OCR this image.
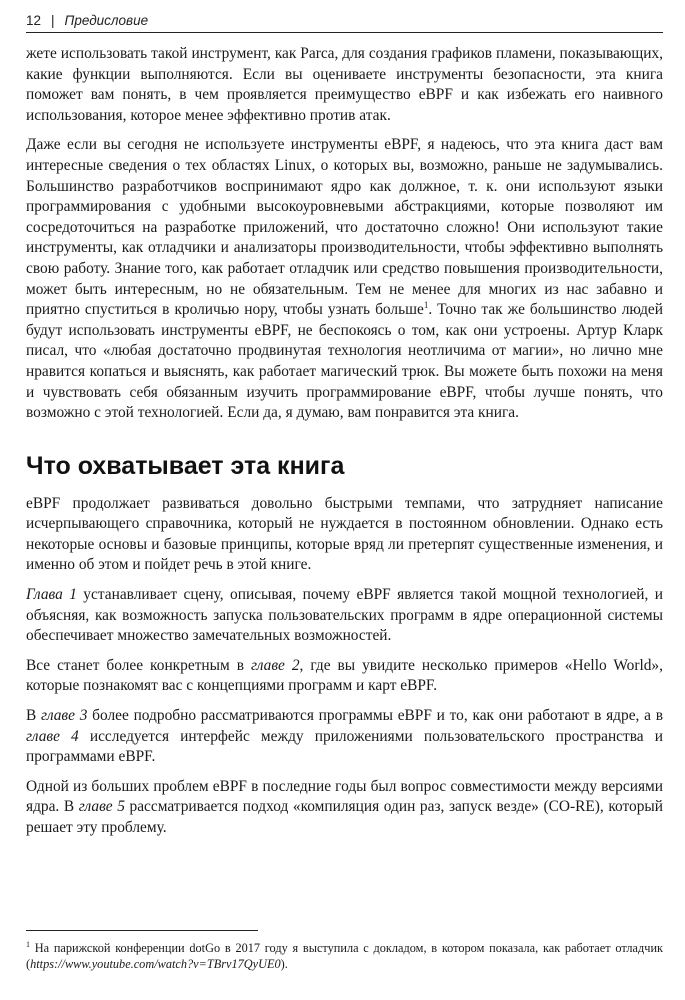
12 | Предисловие

жете использовать такой инструмент, как Parca, для создания графиков пламени, показывающих, какие функции выполняются. Если вы оцениваете инструменты безопасности, эта книга поможет вам понять, в чем проявляется преимущество eBPF и как избежать его наивного использования, которое менее эффективно против атак.

Даже если вы сегодня не используете инструменты eBPF, я надеюсь, что эта книга даст вам интересные сведения о тех областях Linux, о которых вы, возможно, раньше не задумывались. Большинство разработчиков воспринимают ядро как должное, т. к. они используют языки программирования с удобными высокоуровневыми абстракциями, которые позволяют им сосредоточиться на разработке приложений, что достаточно сложно! Они используют такие инструменты, как отладчики и анализаторы производительности, чтобы эффективно выполнять свою работу. Знание того, как работает отладчик или средство повышения производительности, может быть интересным, но не обязательным. Тем не менее для многих из нас забавно и приятно спуститься в кроличью нору, чтобы узнать больше$^1$. Точно так же большинство людей будут использовать инструменты eBPF, не беспокоясь о том, как они устроены. Артур Кларк писал, что «любая достаточно продвинутая технология неотличима от магии», но лично мне нравится копаться и выяснять, как работает магический трюк. Вы можете быть похожи на меня и чувствовать себя обязанным изучить программирование eBPF, чтобы лучше понять, что возможно с этой технологией. Если да, я думаю, вам понравится эта книга.

Что охватывает эта книга

eBPF продолжает развиваться довольно быстрыми темпами, что затрудняет написание исчерпывающего справочника, который не нуждается в постоянном обновлении. Однако есть некоторые основы и базовые принципы, которые вряд ли претерпят существенные изменения, и именно об этом и пойдет речь в этой книге.

Глава 1 устанавливает сцену, описывая, почему eBPF является такой мощной технологией, и объясняя, как возможность запуска пользовательских программ в ядре операционной системы обеспечивает множество замечательных возможностей.

Все станет более конкретным в главе 2, где вы увидите несколько примеров «Hello World», которые познакомят вас с концепциями программ и карт eBPF.

В главе 3 более подробно рассматриваются программы eBPF и то, как они работают в ядре, а в главе 4 исследуется интерфейс между приложениями пользовательского пространства и программами eBPF.

Одной из больших проблем eBPF в последние годы был вопрос совместимости между версиями ядра. В главе 5 рассматривается подход «компиляция один раз, запуск везде» (CO-RE), который решает эту проблему.

$^1$ На парижской конференции dotGo в 2017 году я выступила с докладом, в котором показала, как работает отладчик (https://www.youtube.com/watch?v=TBrv17QyUE0).
